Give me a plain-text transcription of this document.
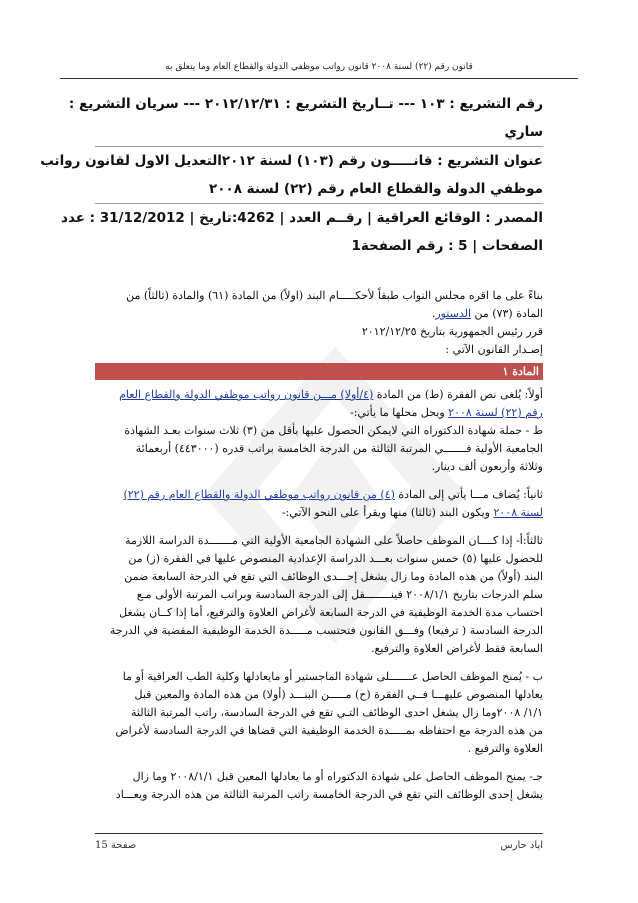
قانون رقم (٢٢) لسنة ٢٠٠٨ قانون رواتب موظفي الدولة والقطاع العام وما يتعلق به
رقم التشريع : ١٠٣ --- تــاريخ التشريع : ٢٠١٢/١٢/٣١ --- سريان التشريع :
ساري
عنوان التشريع : قانـــــون رقم (١٠٣) لسنة ٢٠١٢التعديل الاول لقانون رواتب
موظفي الدولة والقطاع العام رقم (٢٢) لسنة ٢٠٠٨
المصدر : الوقائع العراقية | رقــم العدد | 4262:تاريخ | 31/12/2012 : عدد
الصفحات | 5 : رقم الصفحة1
بناءً على ما اقره مجلس النواب طبقاً لأحكـــــام البند (اولاً) من المادة (٦١) والمادة (ثالثاً) من
المادة (٧٣) من الدستور.
قرر رئيس الجمهورية بتاريخ ٢٠١٢/١٢/٢٥
إصـدار القانون الآتي :
المادة ١
أولاً: يُلغى نص الفقرة (ط) من المادة (٤/أولا) مـــن قانون رواتب موظفي الدولة والقطاع العام
رقم (٢٢) لسنة ٢٠٠٨ ويحل محلها ما يأتي:-
ط - حملة شهادة الدكتوراه التي لايمكن الحصول عليها بأقل من (٣) ثلاث سنوات بعـد الشهادة
الجامعية الأولية فـــــــي المرتبة الثالثة من الدرجة الخامسة براتب قدره (٤٤٣٠٠٠) أربعمائة
وثلاثة وأربعون ألف دينار.
ثانياً: يُضاف مـــا يأتي إلى المادة (٤) من قانون رواتب موظفي الدولة والقطاع العام رقم (٢٢)
لسنة ٢٠٠٨ ويكون البند (ثالثا) منها ويقرأ على النحو الآتي:-
ثالثاً:أ- إذا كــــان الموظف حاصلاً على الشهادة الجامعية الأولية التي مـــــــدة الدراسة اللازمة
للحصول عليها (٥) خمس سنوات بعـــد الدراسة الإعدادية المنصوص عليها في الفقرة (ز) من
البند (أولاً) من هذه المادة وما زال يشغل إحـــدى الوظائف التي تقع في الدرجة السابعة ضمن
سلم الدرجات بتاريخ ٢٠٠٨/١/١ فينــــــــقل إلى الدرجة السادسة وبراتب المرتبة الأولى مـع
احتساب مدة الخدمة الوظيفية في الدرجة السابعة لأغراض العلاوة والترفيع، أما إذا كــان يشغل
الدرجة السادسة ( ترفيعا) وفـــق القانون فتحتسب مـــــدة الخدمة الوظيفية المقضية في الدرجة
السابعة فقط لأغراض العلاوة والترفيع.
ب - يُمنح الموظف الحاصل عـــــــلى شهادة الماجستير أو مايعادلها وكلية الطب العراقية أو ما
يعادلها المنصوص عليهـــا فــي الفقرة (ح) مـــــن البنـــد (أولا) من هذه المادة والمعين قبل
١/١/ ٢٠٠٨وما زال يشغل احدى الوظائف التـي تقع في الدرجة السادسة، راتب المرتبة الثالثة
من هذه الدرجة مع احتفاظه بمـــــدة الخدمة الوظيفية التي قضاها في الدرجة السادسة لأغراض
العلاوة والترفيع .
جـ- يمنح الموظف الحاصل على شهادة الدكتوراه أو ما يعادلها المعين قبل ٢٠٠٨/١/١ وما زال
يشغل إحدى الوظائف التي تقع في الدرجة الخامسة راتب المرتبة الثالثة من هذه الدرجة ويعـــاد
صفحة 15	اياد حارس
